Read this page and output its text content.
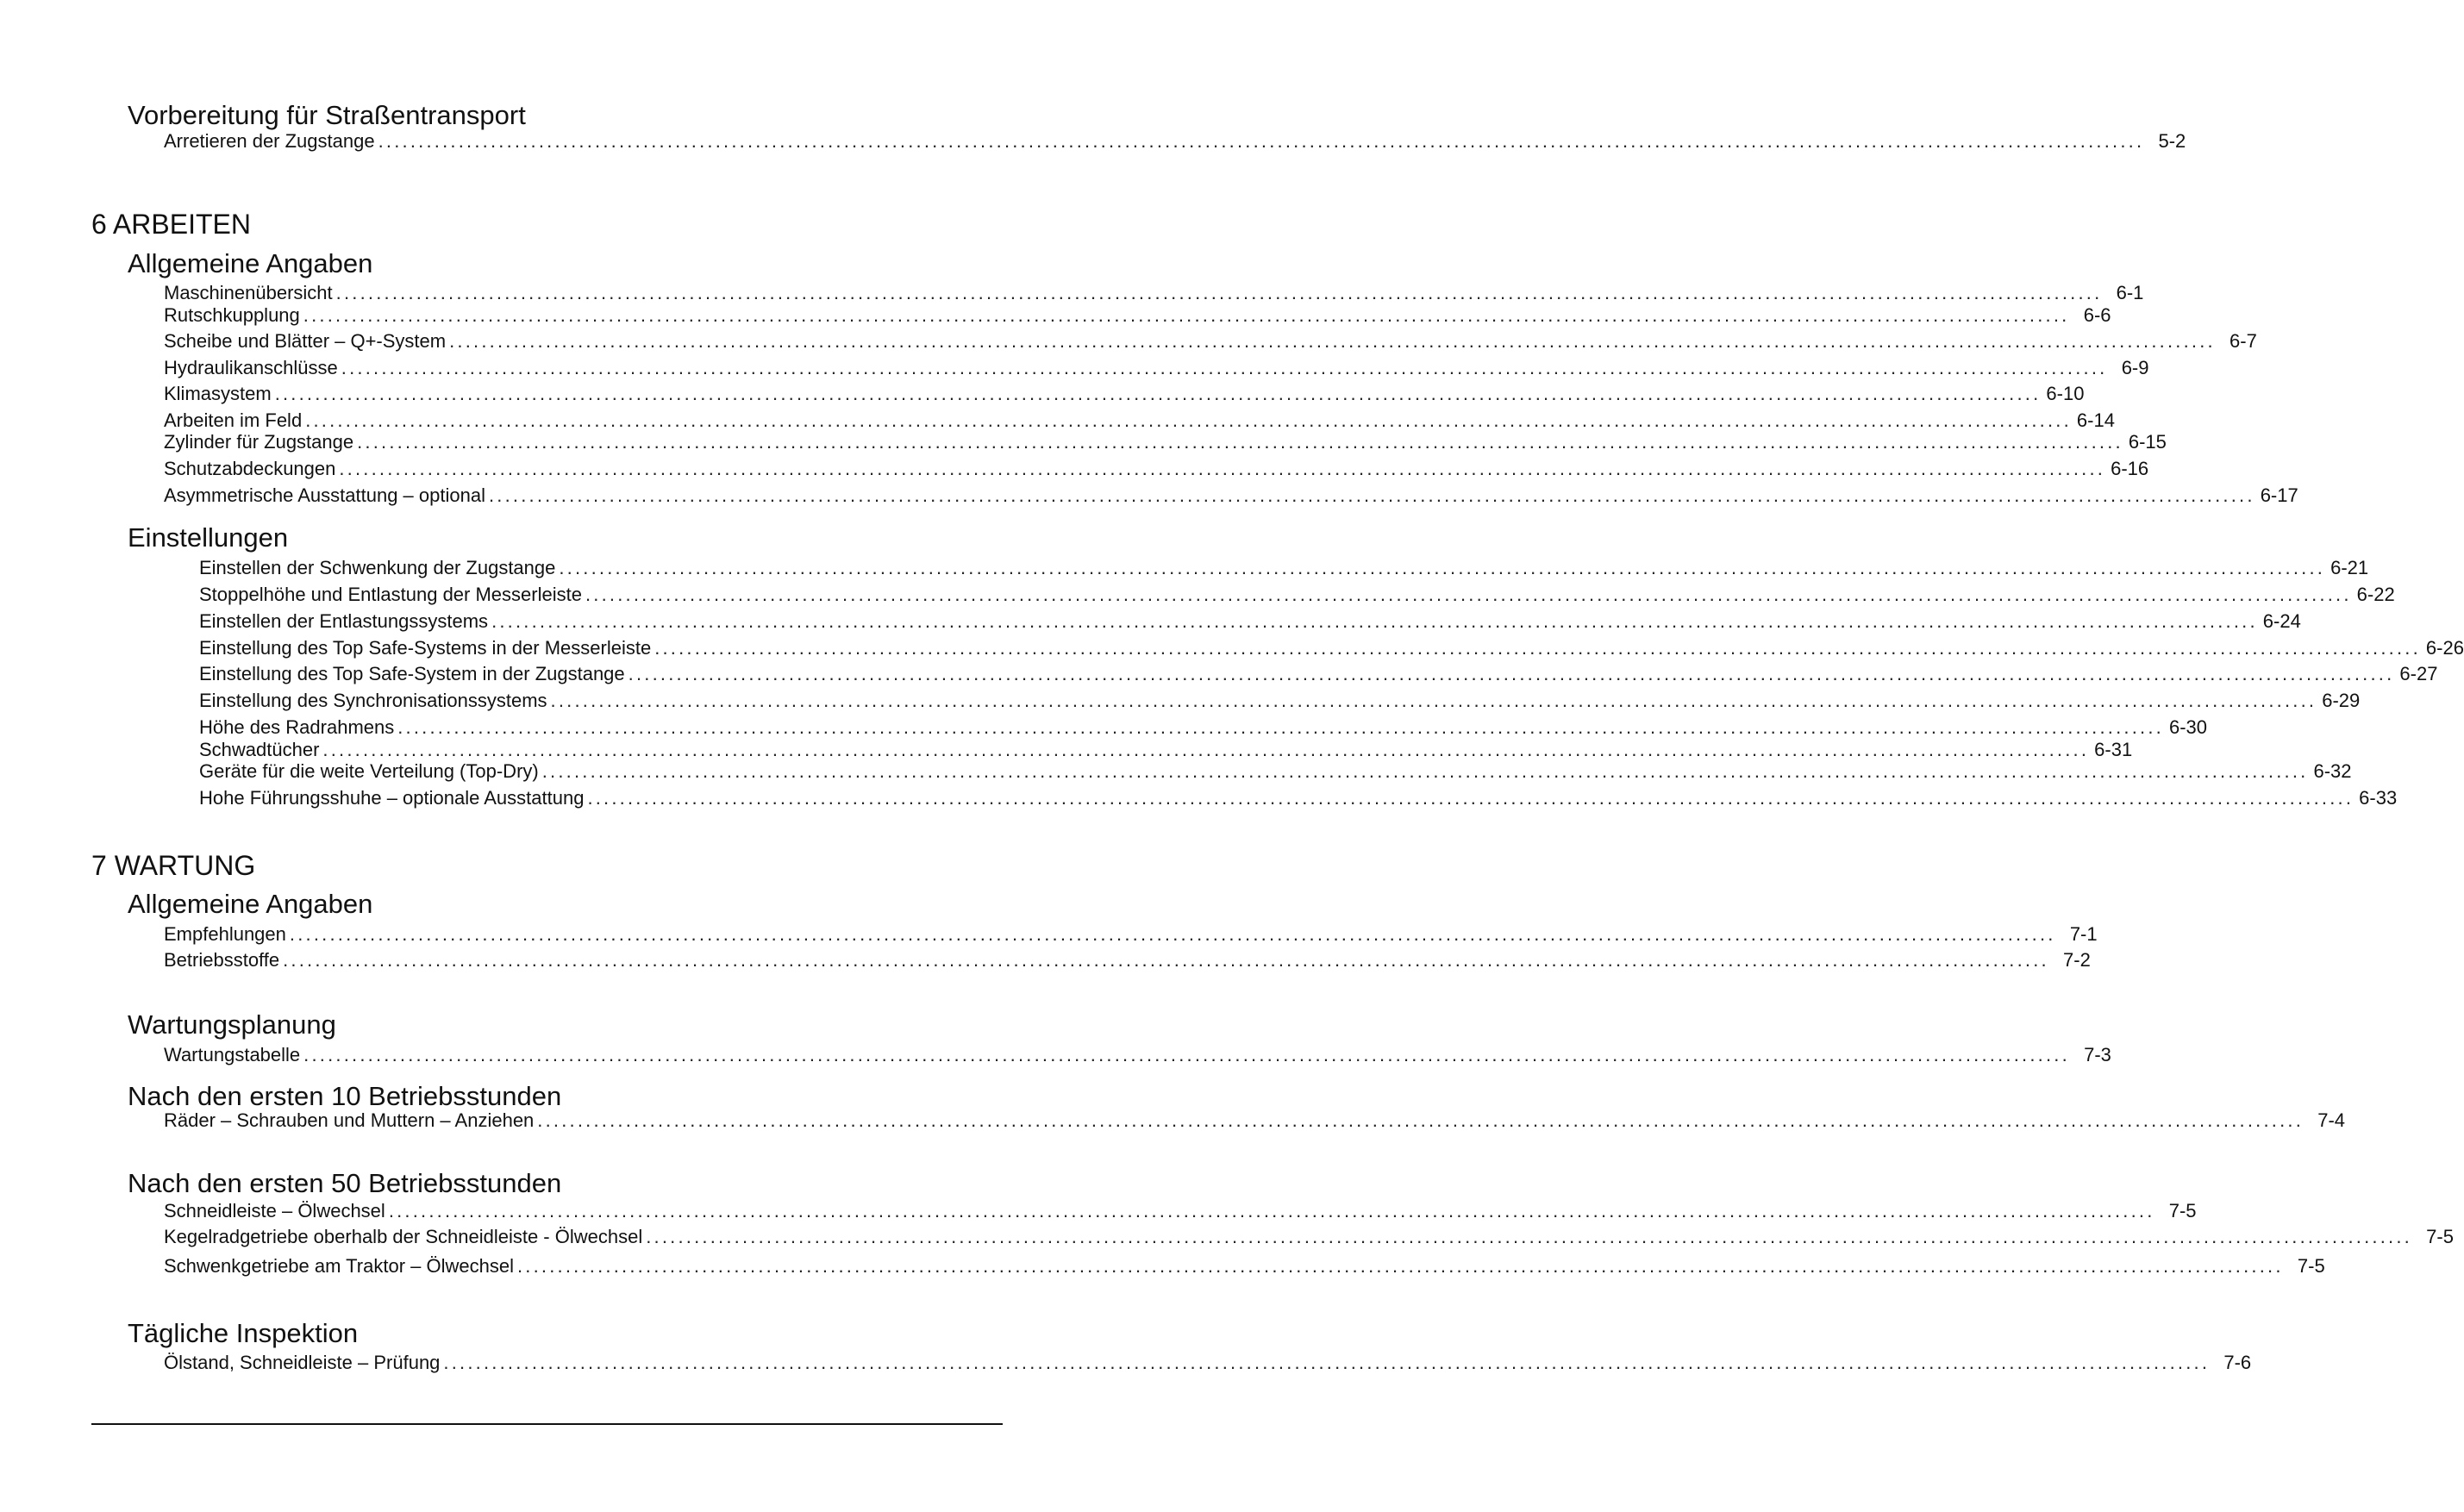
Vorbereitung für Straßentransport
Arretieren der Zugstange ............................................................................................................................................................................................................................ 5-2
6 ARBEITEN
Allgemeine Angaben
Maschinenübersicht ............................................................................................................................................................................................................................ 6-1
Rutschkupplung ............................................................................................................................................................................................................................ 6-6
Scheibe und Blätter – Q+-System ............................................................................................................................................................................................................................ 6-7
Hydraulikanschlüsse ............................................................................................................................................................................................................................ 6-9
Klimasystem ............................................................................................................................................................................................................................ 6-10
Arbeiten im Feld ............................................................................................................................................................................................................................ 6-14
Zylinder für Zugstange ............................................................................................................................................................................................................................ 6-15
Schutzabdeckungen ............................................................................................................................................................................................................................ 6-16
Asymmetrische Ausstattung – optional ............................................................................................................................................................................................................................ 6-17
Einstellungen
Einstellen der Schwenkung der Zugstange ............................................................................................................................................................................................................................ 6-21
Stoppelhöhe und Entlastung der Messerleiste ............................................................................................................................................................................................................................ 6-22
Einstellen der Entlastungssystems ............................................................................................................................................................................................................................ 6-24
Einstellung des Top Safe-Systems in der Messerleiste ............................................................................................................................................................................................................................ 6-26
Einstellung des Top Safe-System in der Zugstange ............................................................................................................................................................................................................................ 6-27
Einstellung des Synchronisationssystems ............................................................................................................................................................................................................................ 6-29
Höhe des Radrahmens ............................................................................................................................................................................................................................ 6-30
Schwadtücher ............................................................................................................................................................................................................................ 6-31
Geräte für die weite Verteilung (Top-Dry) ............................................................................................................................................................................................................................ 6-32
Hohe Führungsshuhe – optionale Ausstattung ............................................................................................................................................................................................................................ 6-33
7 WARTUNG
Allgemeine Angaben
Empfehlungen ............................................................................................................................................................................................................................ 7-1
Betriebsstoffe ............................................................................................................................................................................................................................ 7-2
Wartungsplanung
Wartungstabelle ............................................................................................................................................................................................................................ 7-3
Nach den ersten 10 Betriebsstunden
Räder – Schrauben und Muttern – Anziehen ............................................................................................................................................................................................................................ 7-4
Nach den ersten 50 Betriebsstunden
Schneidleiste – Ölwechsel ............................................................................................................................................................................................................................ 7-5
Kegelradgetriebe oberhalb der Schneidleiste - Ölwechsel ............................................................................................................................................................................................................................ 7-5
Schwenkgetriebe am Traktor – Ölwechsel ............................................................................................................................................................................................................................ 7-5
Tägliche Inspektion
Ölstand, Schneidleiste – Prüfung ............................................................................................................................................................................................................................ 7-6
